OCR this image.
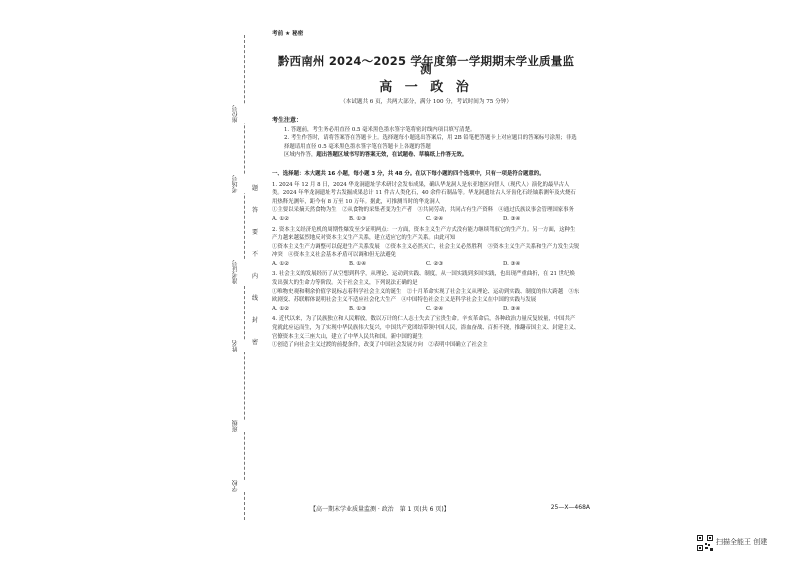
座位号
考场号
准考证号
姓名
班级
学校
题
答
要
不
内
线
封
密
考前 ★ 秘密
黔西南州 2024～2025 学年度第一学期期末学业质量监测
高 一 政 治
（本试题共 6 页，共两大部分，满分 100 分，考试时间为 75 分钟）
考生注意：

1. 答题前，考生务必用直径 0.5 毫米黑色墨水签字笔将密封线内项目填写清楚。

2. 考生作答时，请将答案答在答题卡上。选择题每小题选出答案后，用 2B 铅笔把答题卡上对应题目的答案标号涂黑；非选择题请用直径 0.5 毫米黑色墨水签字笔在答题卡上各题的答题

区域内作答，超出答题区域书写的答案无效，在试题卷、草稿纸上作答无效。

一、选择题：本大题共 16 小题，每小题 3 分，共 48 分。在以下每小题的四个选项中，只有一项是符合题意的。

1. 2024 年 12 月 8 日，2024 华龙洞遗址学术研讨会发布成果，确认华龙洞人是东亚地区向智人（现代人）演化的最早古人类。2024 年华龙洞遗址考古发掘成果总计 11 件古人类化石，40 余件石制品等。华龙洞遗址古人牙齿化石经铀系测年及火烧石用热释光测年，距今有 8 万至 10 万年。据此，可推测当时的华龙洞人

①主要以采摘天然食物为生　②从食物的采集者变为生产者　③共同劳动，共同占有生产资料　④通过氏族议事会管理国家事务

A. ①②	B. ①③	C. ②④	D. ③④

2. 资本主义经济危机的周期性爆发至少证明两点：一方面，资本主义生产方式没有能力继续驾驭它的生产力。另一方面，这种生产力越来越猛烈地反对资本主义生产关系，建立适应它的生产关系。由此可知

①资本主义生产力调整可以促进生产关系发展　②资本主义必然灭亡，社会主义必然胜利　③资本主义生产关系和生产力发生尖锐冲突　④资本主义社会基本矛盾可以调和但无法避免

A. ①②	B. ①④	C. ②③	D. ③④

3. 社会主义的发展经历了从空想到科学，从理论、运动到实践、制度，从一国实践到多国实践，也出现严重曲折，在 21 世纪焕发出强大的生命力等阶段。关于社会主义，下列说法正确的是

①唯物史观和剩余价值学说标志着科学社会主义的诞生　②十月革命实现了社会主义从理论、运动到实践、制度的伟大跨越　③东欧剧变、苏联解体说明社会主义不适应社会化大生产　④中国特色社会主义是科学社会主义在中国的实践与发展

A. ①②	B. ①③	C. ②④	D. ③④

4. 近代以来，为了民族独立和人民解放，数以万计的仁人志士失去了宝贵生命。辛亥革命后，各种政治力量反复较量，中国共产党就此应运而生，为了实现中华民族伟大复兴，中国共产党团结带领中国人民，浴血奋战、百折不挠，推翻帝国主义、封建主义、官僚资本主义三座大山，建立了中华人民共和国。新中国的诞生

①创造了向社会主义过渡的前提条件，改变了中国社会发展方向　②表明中国确立了社会主

【高一期末学业质量监测 · 政治　第 1 页(共 6 页)】	25—X—468A
扫描全能王 创建
